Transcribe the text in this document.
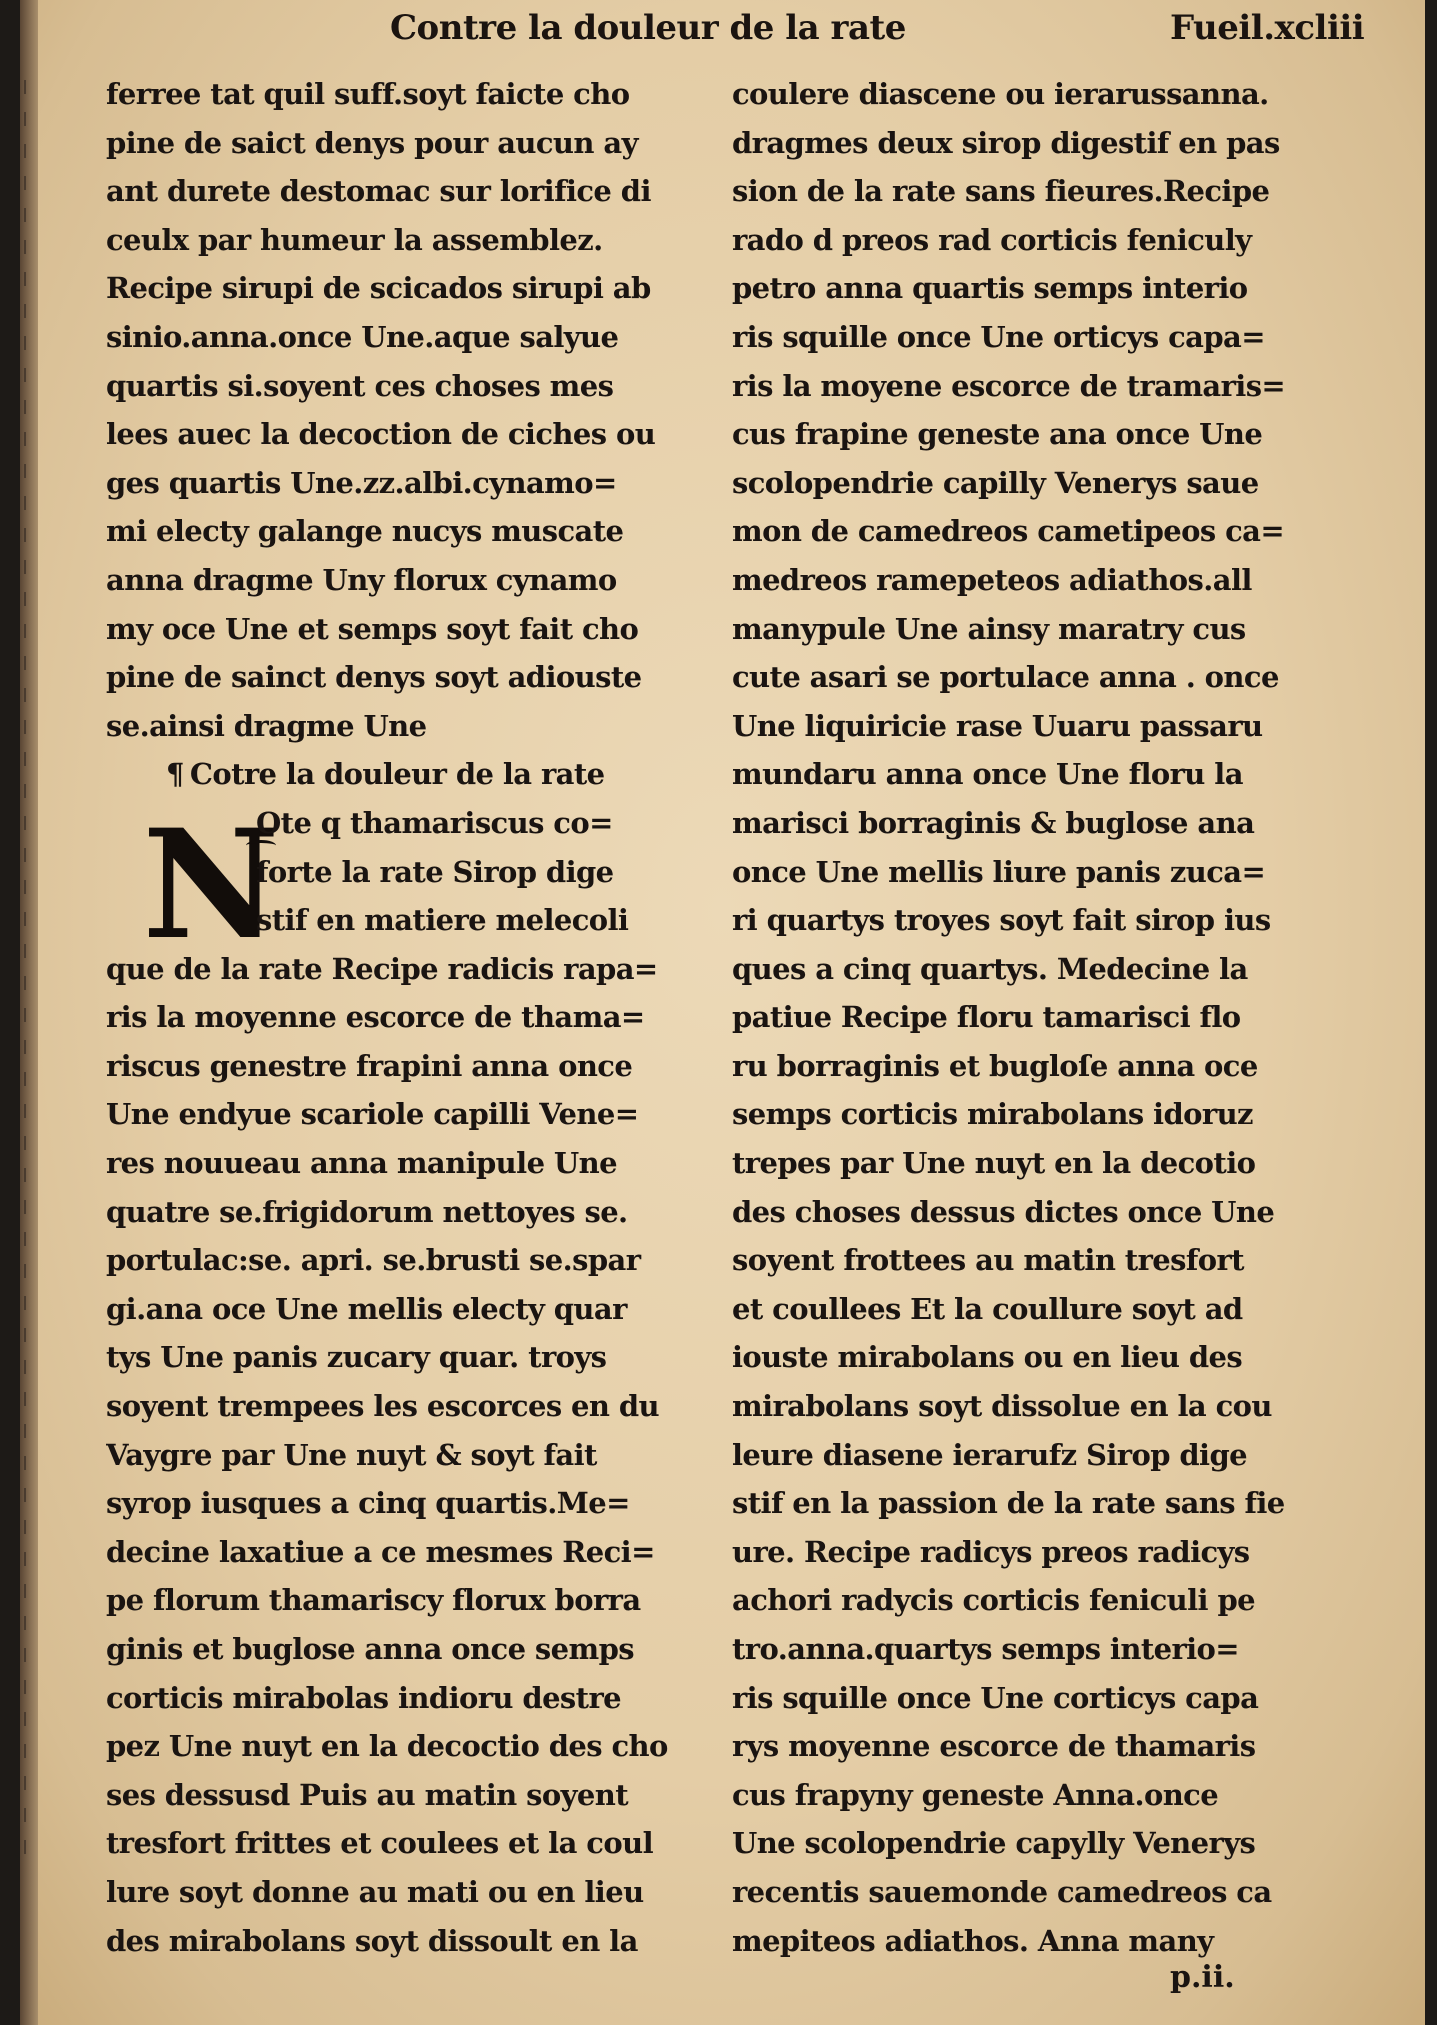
Contre la douleur de la rate	Fueil.xcliii
N
ferree tat quil suff.soyt faicte cho
pine de saict denys pour aucun ay
ant durete destomac sur lorifice di
ceulx par humeur la assemblez.
Recipe sirupi de scicados sirupi ab
sinio.anna.once Une.aque salyue
quartis si.soyent ces choses mes
lees auec la decoction de ciches ou
ges quartis Une.zz.albi.cynamo=
mi electy galange nucys muscate
anna dragme Uny florux cynamo
my oce Une et semps soyt fait cho
pine de sainct denys soyt adiouste
se.ainsi dragme Une
¶ Cotre la douleur de la rate
Ote q thamariscus co=
forte la rate Sirop dige
stif en matiere melecoli
que de la rate Recipe radicis rapa=
ris la moyenne escorce de thama=
riscus genestre frapini anna once
Une endyue scariole capilli Vene=
res nouueau anna manipule Une
quatre se.frigidorum nettoyes se.
portulac:se. apri. se.brusti se.spar
gi.ana oce Une mellis electy quar
tys Une panis zucary quar. troys
soyent trempees les escorces en du
Vaygre par Une nuyt & soyt fait
syrop iusques a cinq quartis.Me=
decine laxatiue a ce mesmes Reci=
pe florum thamariscy florux borra
ginis et buglose anna once semps
corticis mirabolas indioru destre
pez Une nuyt en la decoctio des cho
ses dessusd Puis au matin soyent
tresfort frittes et coulees et la coul
lure soyt donne au mati ou en lieu
des mirabolans soyt dissoult en la
coulere diascene ou ierarussanna.
dragmes deux sirop digestif en pas
sion de la rate sans fieures.Recipe
rado d preos rad corticis feniculy
petro anna quartis semps interio
ris squille once Une orticys capa=
ris la moyene escorce de tramaris=
cus frapine geneste ana once Une
scolopendrie capilly Venerys saue
mon de camedreos cametipeos ca=
medreos ramepeteos adiathos.all
manypule Une ainsy maratry cus
cute asari se portulace anna . once
Une liquiricie rase Uuaru passaru
mundaru anna once Une floru la
marisci borraginis & buglose ana
once Une mellis liure panis zuca=
ri quartys troyes soyt fait sirop ius
ques a cinq quartys. Medecine la
patiue Recipe floru tamarisci flo
ru borraginis et bugloſe anna oce
semps corticis mirabolans idoruz
trepes par Une nuyt en la decotio
des choses dessus dictes once Une
soyent frottees au matin tresfort
et coullees Et la coullure soyt ad
iouste mirabolans ou en lieu des
mirabolans soyt dissolue en la cou
leure diasene ierarufz Sirop dige
stif en la passion de la rate sans fie
ure. Recipe radicys preos radicys
achori radycis corticis feniculi pe
tro.anna.quartys semps interio=
ris squille once Une corticys capa
rys moyenne escorce de thamaris
cus frapyny geneste Anna.once
Une scolopendrie capylly Venerys
recentis sauemonde camedreos ca
mepiteos adiathos. Anna many
p.ii.
